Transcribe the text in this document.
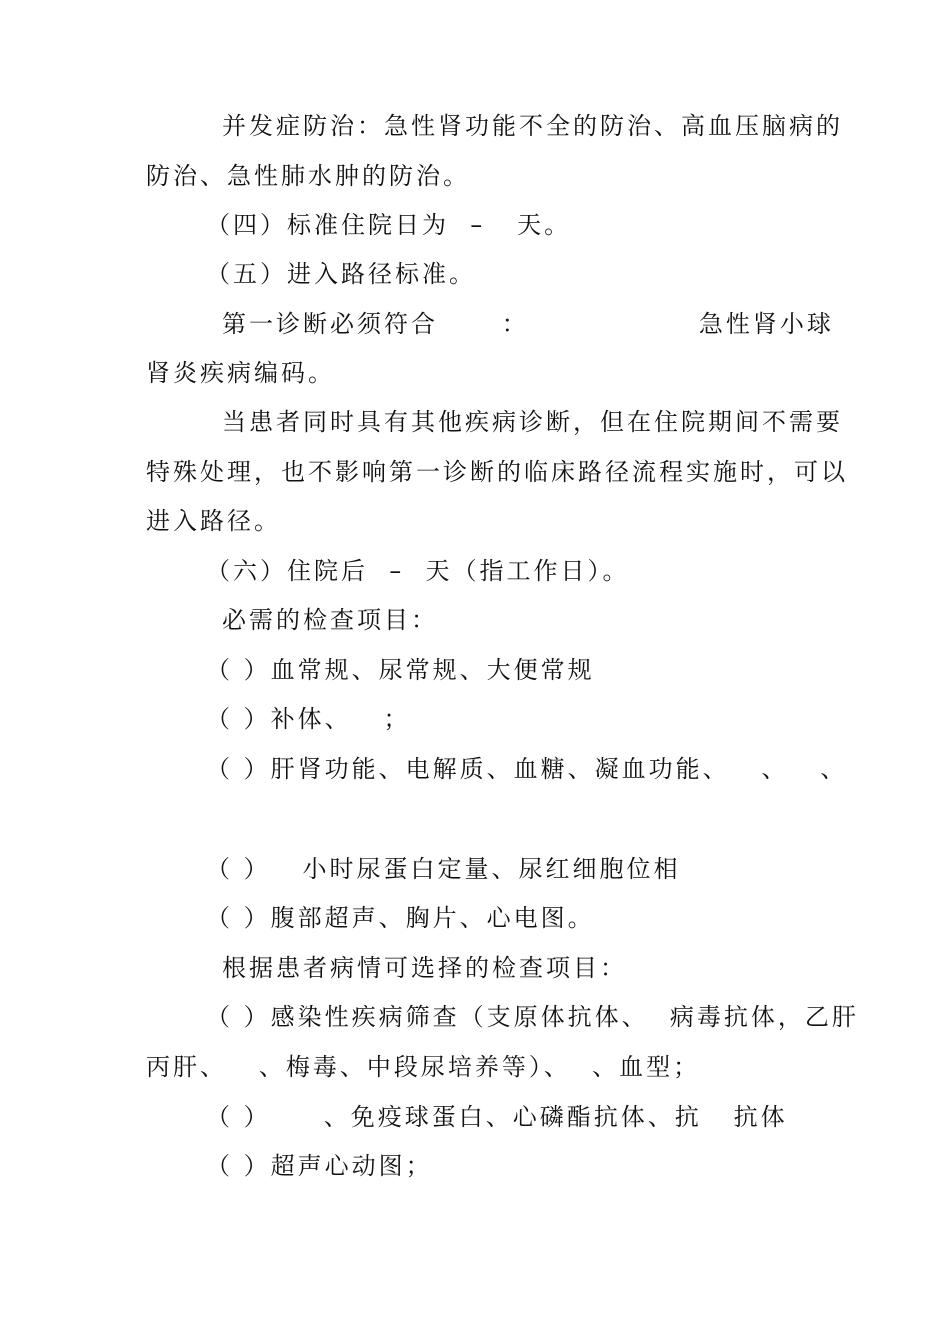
并发症防治：急性肾功能不全的防治、高血压脑病的
防治、急性肺水肿的防治。
（四）标准住院日为  –   天。
（五）进入路径标准。
第一诊断必须符合      ：                急性肾小球
肾炎疾病编码。
当患者同时具有其他疾病诊断，但在住院期间不需要
特殊处理，也不影响第一诊断的临床路径流程实施时，可以
进入路径。
（六）住院后  –  天（指工作日）。
必需的检查项目：
（ ）血常规、尿常规、大便常规
（ ）补体、   ；
（ ）肝肾功能、电解质、血糖、凝血功能、   、   、
（ ）   小时尿蛋白定量、尿红细胞位相
（ ）腹部超声、胸片、心电图。
根据患者病情可选择的检查项目：
（ ）感染性疾病筛查（支原体抗体、  病毒抗体，乙肝
丙肝、   、梅毒、中段尿培养等）、  、血型；
（ ）     、免疫球蛋白、心磷酯抗体、抗   抗体
（ ）超声心动图；
